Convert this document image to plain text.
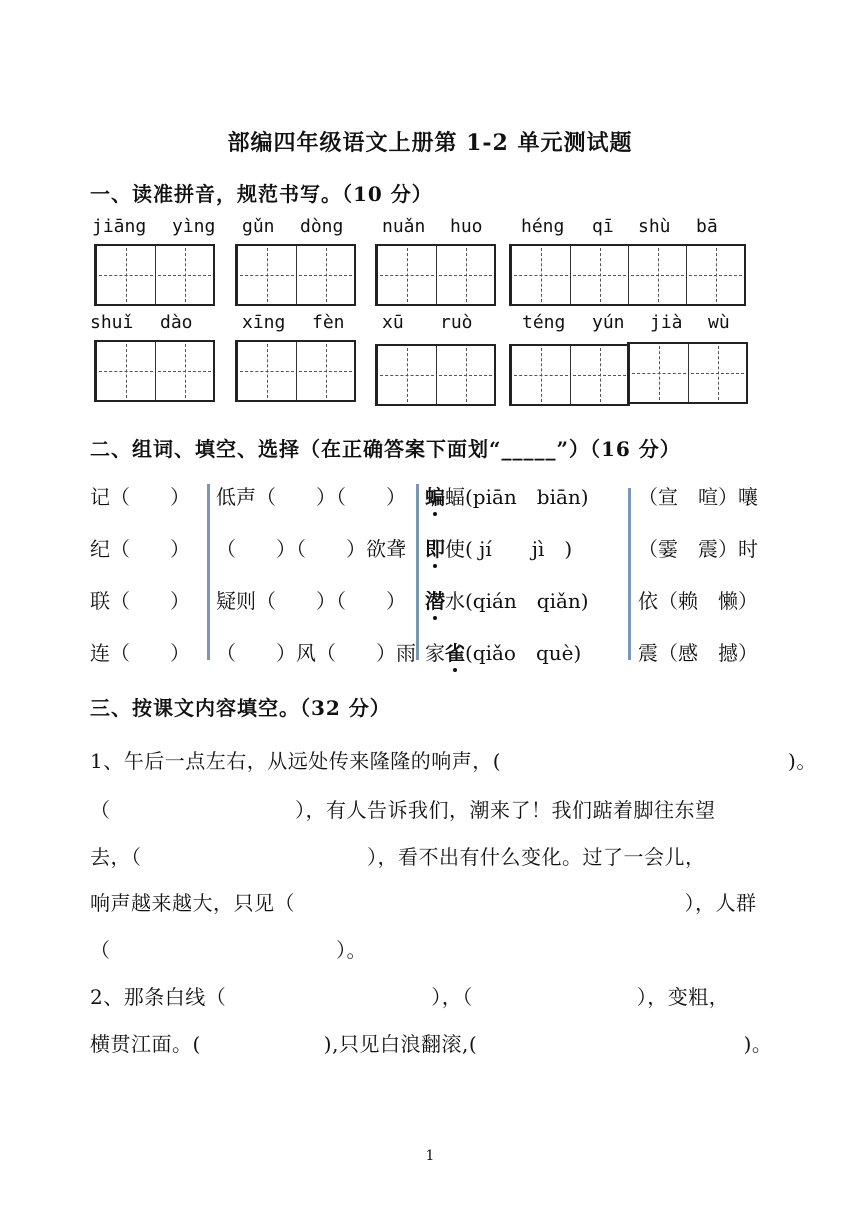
部编四年级语文上册第 1-2 单元测试题
一、读准拼音，规范书写。（10 分）
jiāng yìng gǔn dòng nuǎn huo héng qī shù bā
shuǐ dào	xīng fèn xū ruò	téng yún jià wù
二、组词、填空、选择（在正确答案下面划“_____”）（16 分）
记（　　）
纪（　　）
联（　　）
连（　　）
低声（　　）（　　）
（　　）（　　）欲聋
疑则（　　）（　　）
（　　）风（　　）雨
蝙蝠(piān　biān)
即使( jí　　jì　)
潜水(qián　qiǎn)
家雀(qiǎo　què)
（宣　喧）嚷
（霎　震）时
依（赖　懒）
震（感　撼）
三、按课文内容填空。（32 分）
1、午后一点左右，从远处传来隆隆的响声，(　　　　　　　　　　　　　　)。
（　　　　　　　　　），有人告诉我们，潮来了！我们踮着脚往东望
去，（　　　　　　　　　　　），看不出有什么变化。过了一会儿，
响声越来越大，只见（　　　　　　　　　　　　　　　　　　　），人群
（　　　　　　　　　　　）。
2、那条白线（　　　　　　　　　　），（　　　　　　　　），变粗，
横贯江面。(　　　　　　),只见白浪翻滚,(　　　　　　　　　　　　　)。
1
